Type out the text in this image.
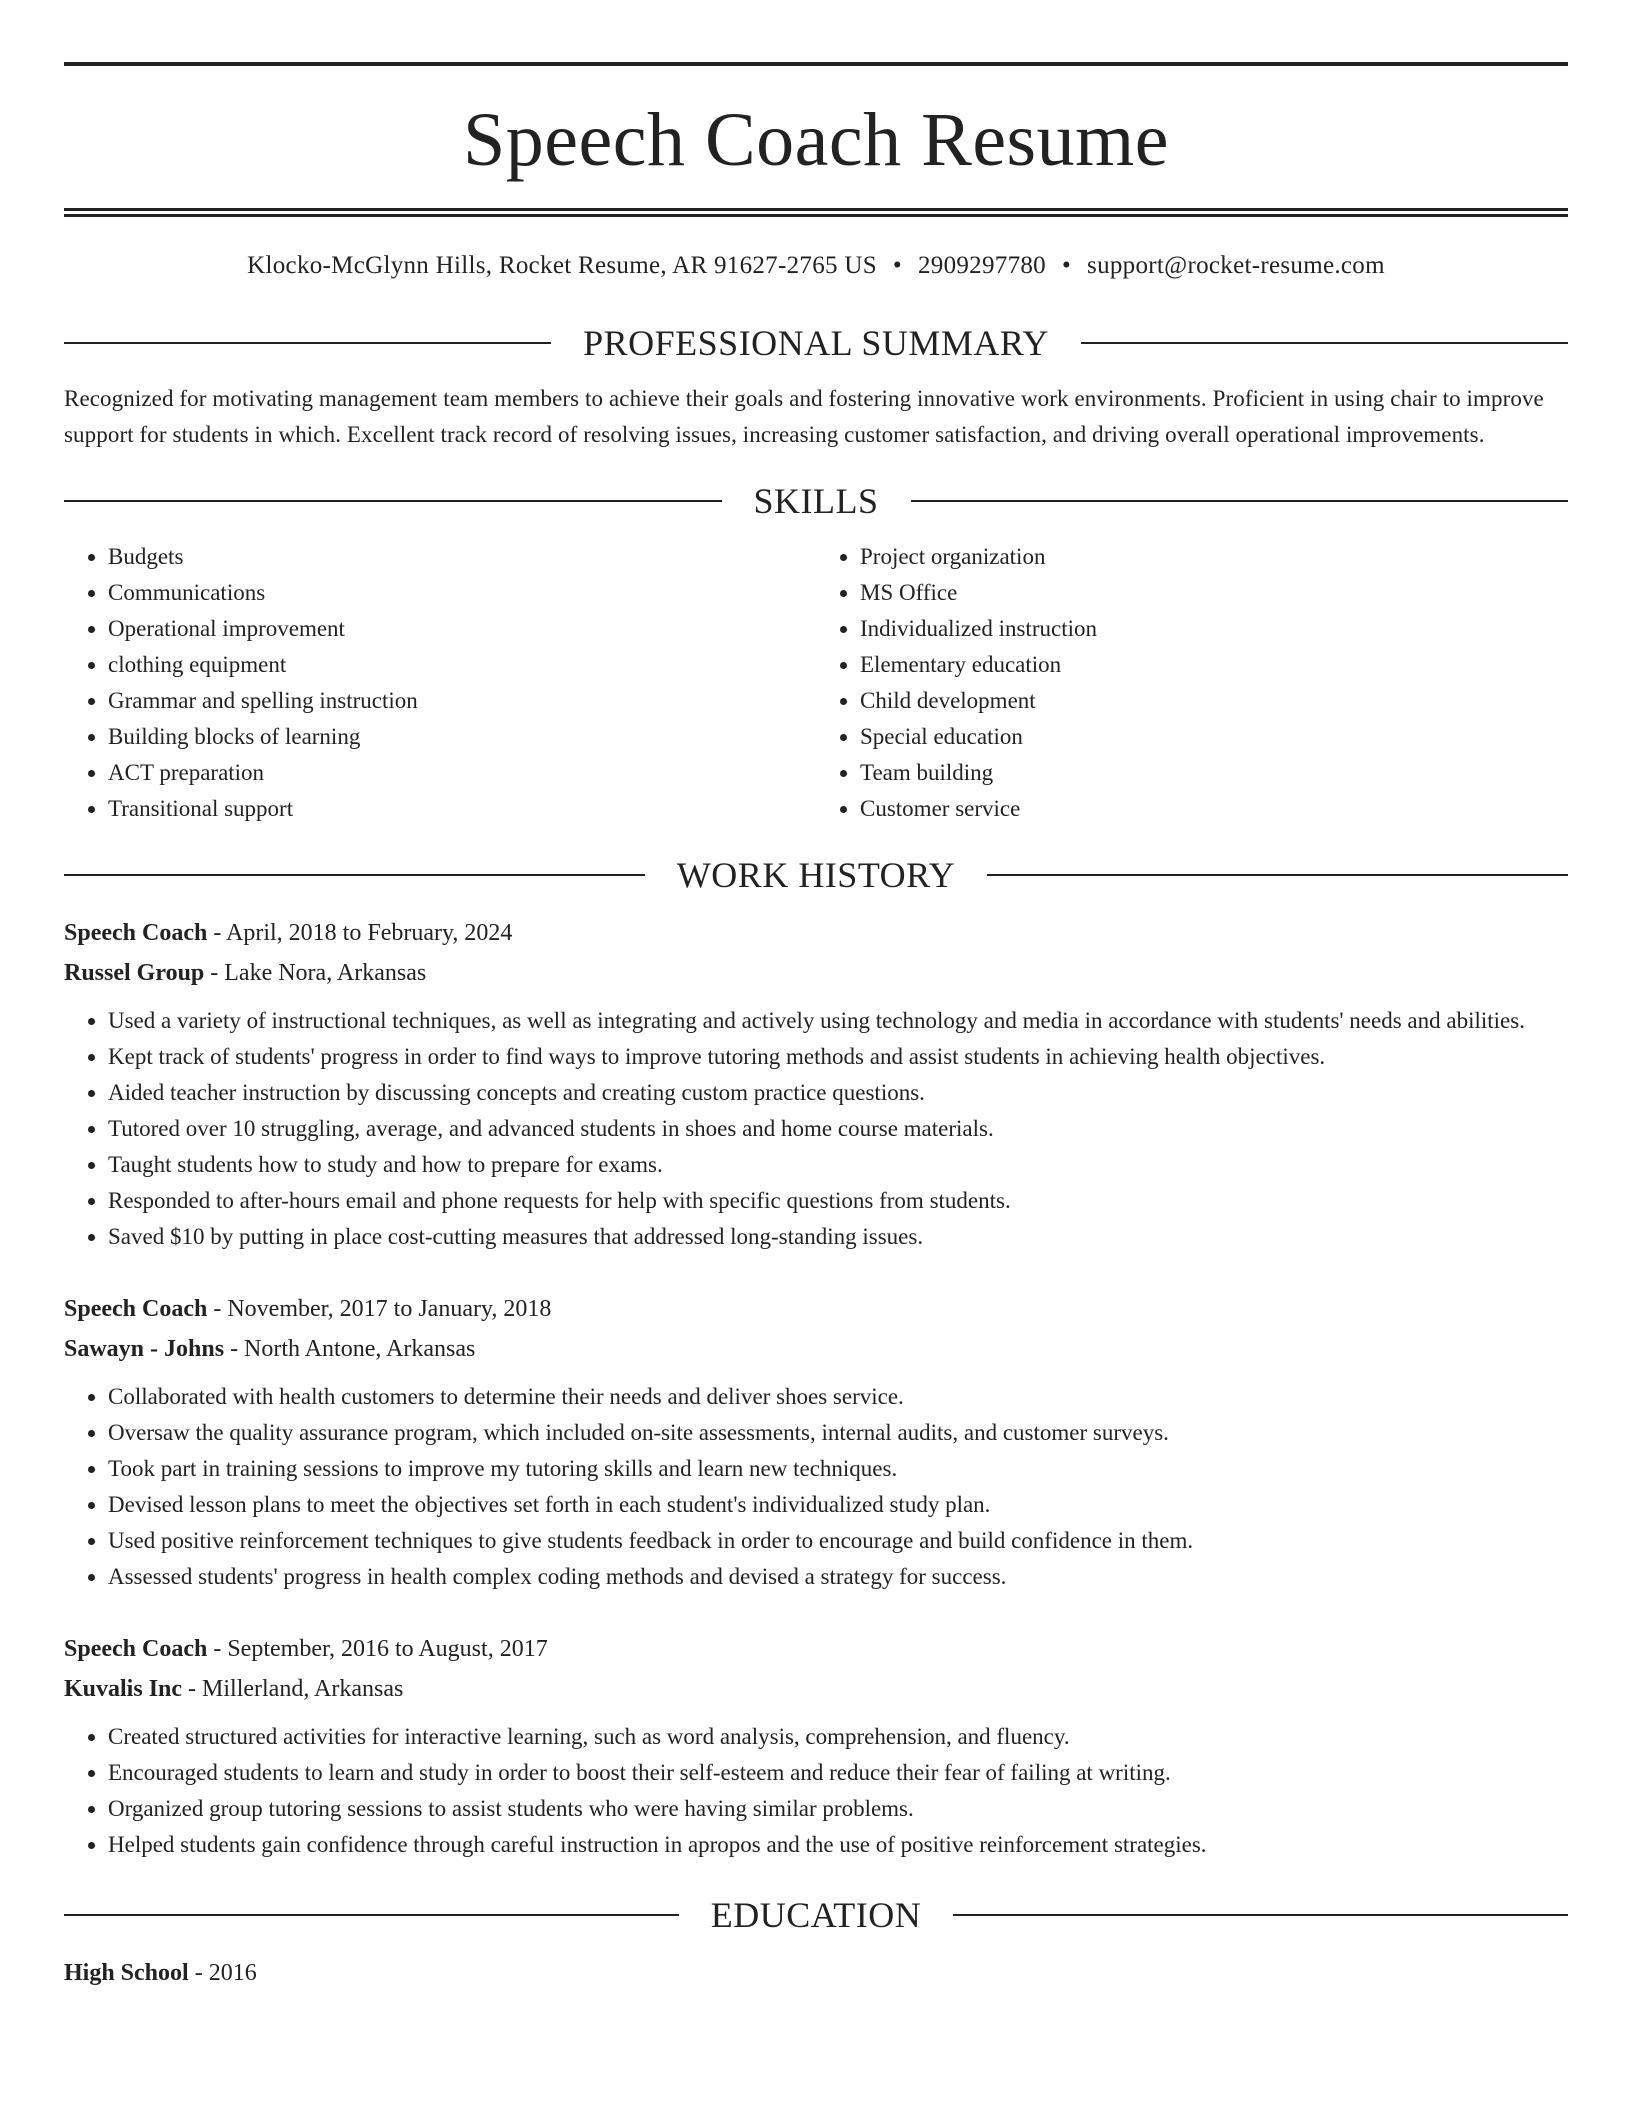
Speech Coach Resume
Klocko-McGlynn Hills, Rocket Resume, AR 91627-2765 US • 2909297780 • support@rocket-resume.com
PROFESSIONAL SUMMARY

Recognized for motivating management team members to achieve their goals and fostering innovative work environments. Proficient in using chair to improve support for students in which. Excellent track record of resolving issues, increasing customer satisfaction, and driving overall operational improvements.

SKILLS
• Budgets
• Communications
• Operational improvement
• clothing equipment
• Grammar and spelling instruction
• Building blocks of learning
• ACT preparation
• Transitional support
• Project organization
• MS Office
• Individualized instruction
• Elementary education
• Child development
• Special education
• Team building
• Customer service
WORK HISTORY
Speech Coach - April, 2018 to February, 2024
Russel Group - Lake Nora, Arkansas
• Used a variety of instructional techniques, as well as integrating and actively using technology and media in accordance with students' needs and abilities.
• Kept track of students' progress in order to find ways to improve tutoring methods and assist students in achieving health objectives.
• Aided teacher instruction by discussing concepts and creating custom practice questions.
• Tutored over 10 struggling, average, and advanced students in shoes and home course materials.
• Taught students how to study and how to prepare for exams.
• Responded to after-hours email and phone requests for help with specific questions from students.
• Saved $10 by putting in place cost-cutting measures that addressed long-standing issues.
Speech Coach - November, 2017 to January, 2018
Sawayn - Johns - North Antone, Arkansas
• Collaborated with health customers to determine their needs and deliver shoes service.
• Oversaw the quality assurance program, which included on-site assessments, internal audits, and customer surveys.
• Took part in training sessions to improve my tutoring skills and learn new techniques.
• Devised lesson plans to meet the objectives set forth in each student's individualized study plan.
• Used positive reinforcement techniques to give students feedback in order to encourage and build confidence in them.
• Assessed students' progress in health complex coding methods and devised a strategy for success.
Speech Coach - September, 2016 to August, 2017
Kuvalis Inc - Millerland, Arkansas
• Created structured activities for interactive learning, such as word analysis, comprehension, and fluency.
• Encouraged students to learn and study in order to boost their self-esteem and reduce their fear of failing at writing.
• Organized group tutoring sessions to assist students who were having similar problems.
• Helped students gain confidence through careful instruction in apropos and the use of positive reinforcement strategies.
EDUCATION
High School - 2016
